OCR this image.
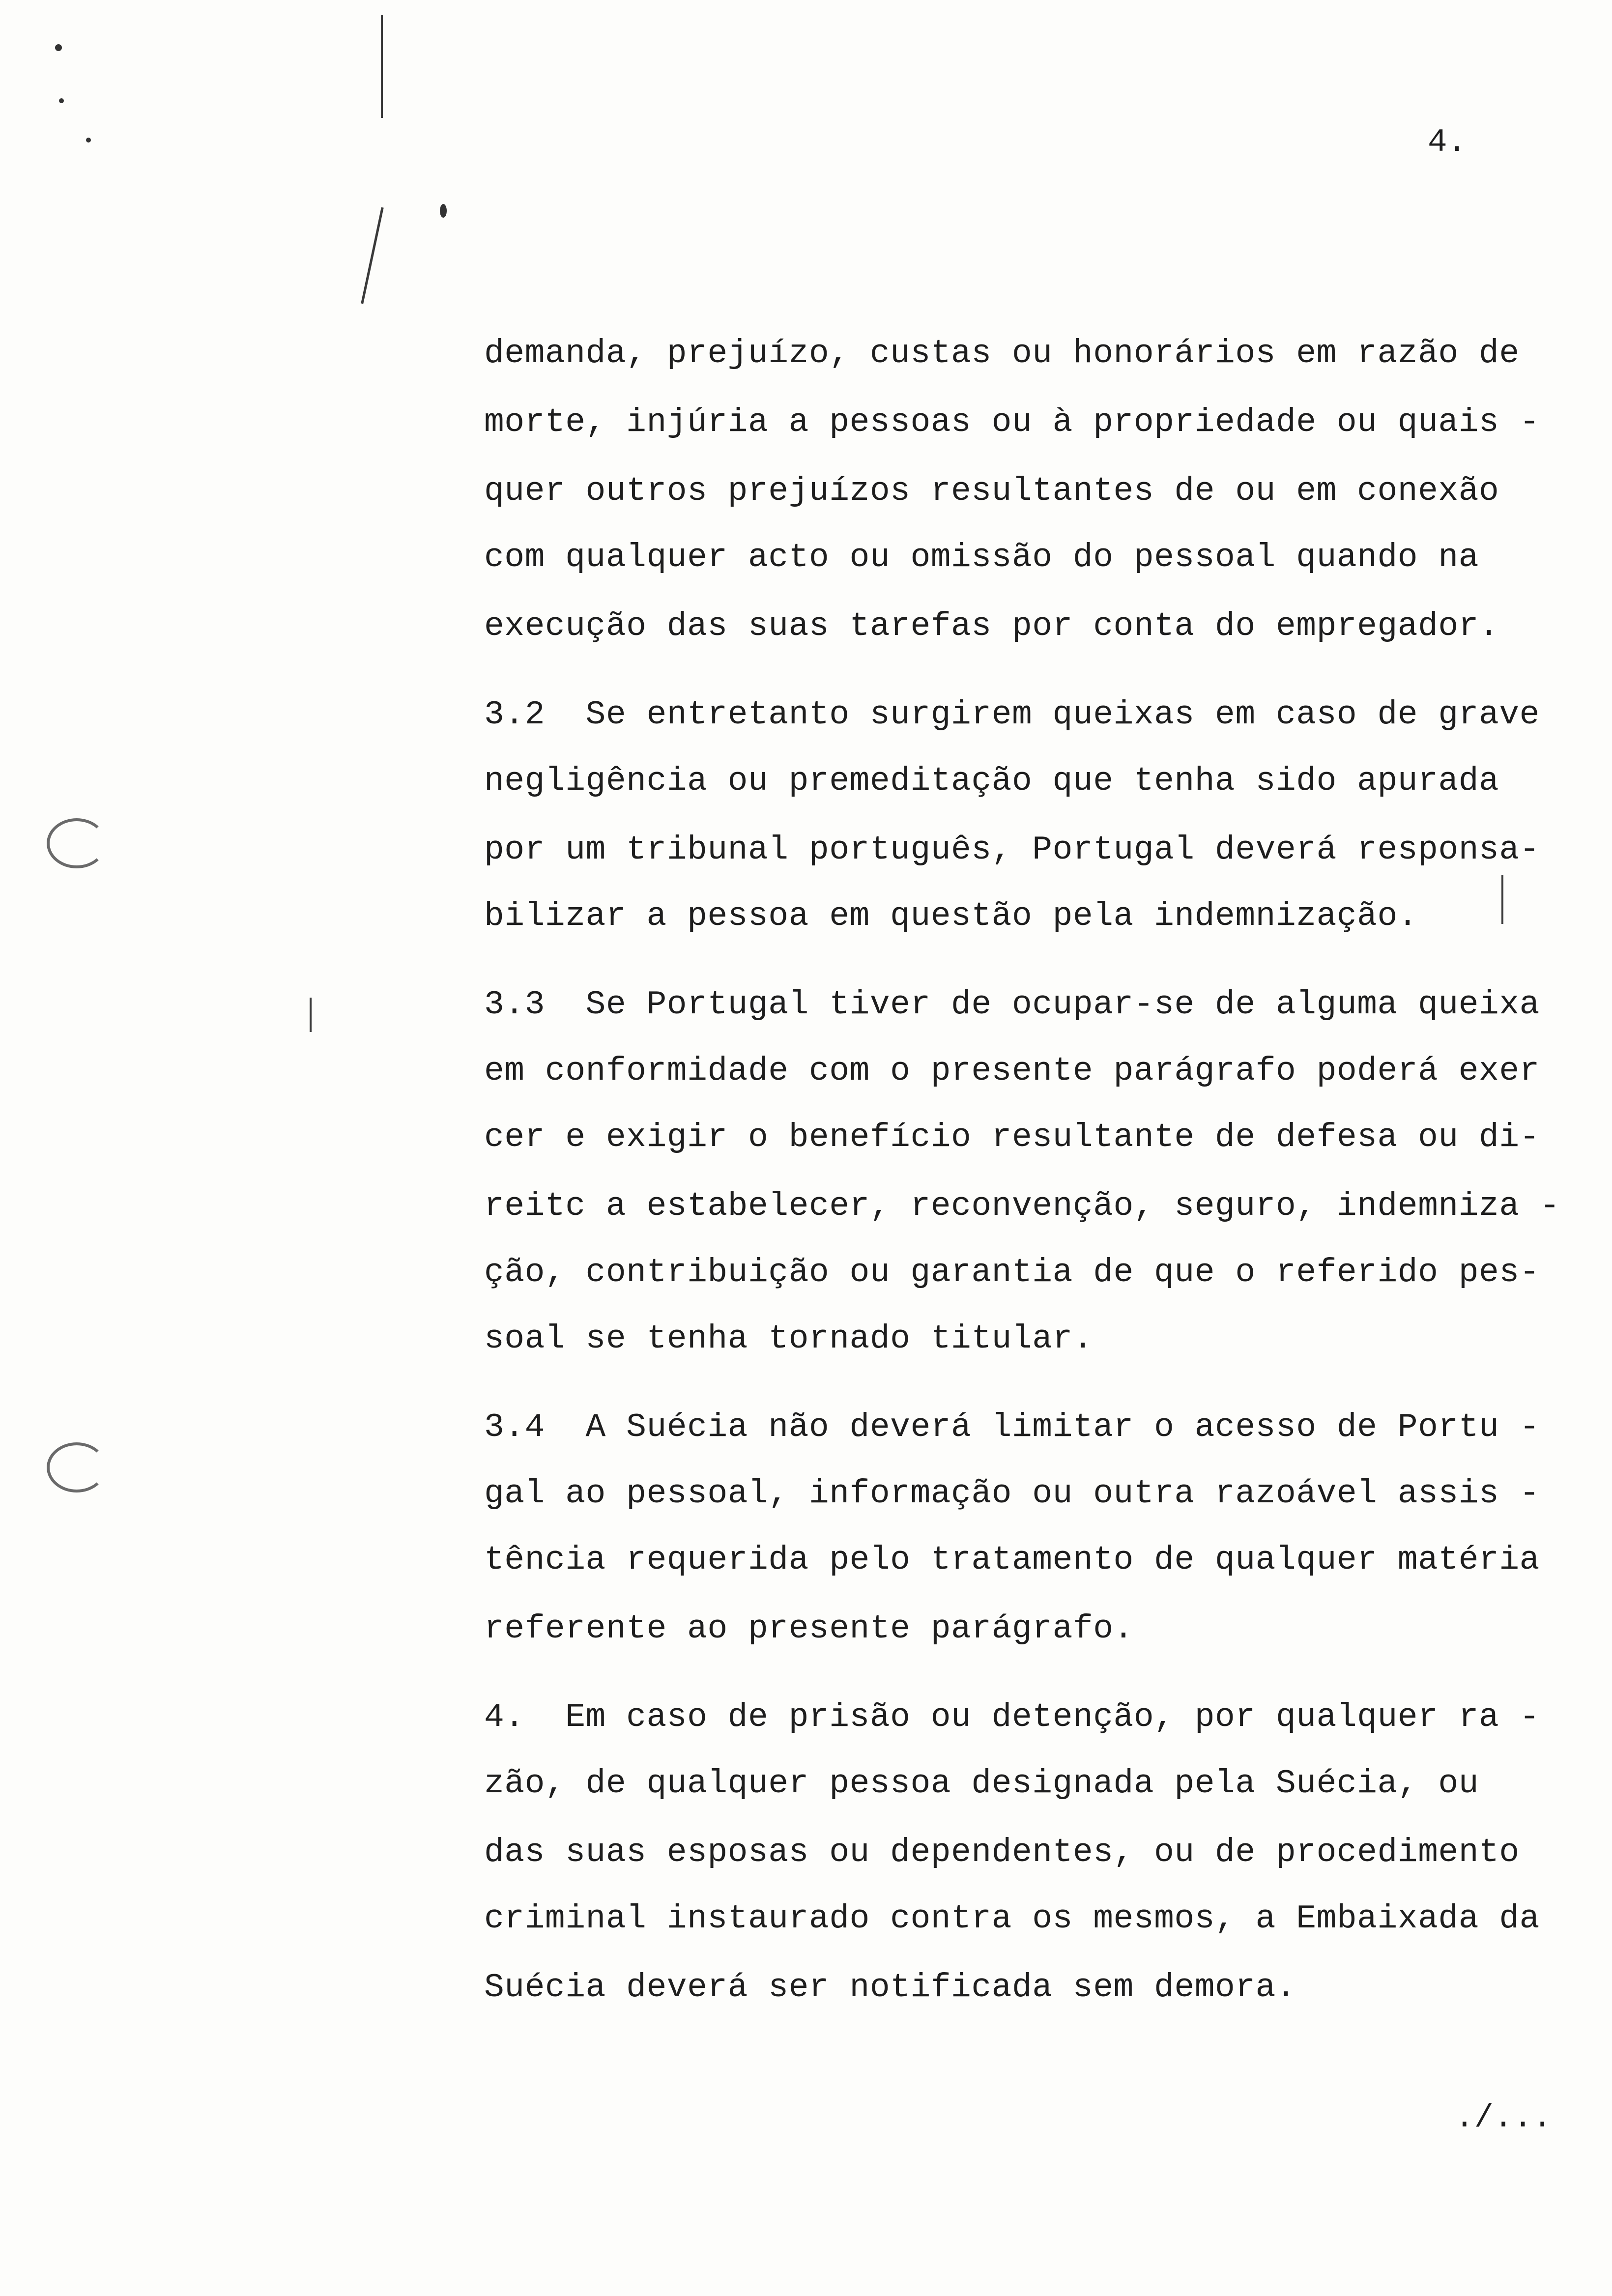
4.
demanda, prejuízo, custas ou honorários em razão de
morte, injúria a pessoas ou à propriedade ou quais -
quer outros prejuízos resultantes de ou em conexão
com qualquer acto ou omissão do pessoal quando na
execução das suas tarefas por conta do empregador.
3.2  Se entretanto surgirem queixas em caso de grave
negligência ou premeditação que tenha sido apurada
por um tribunal português, Portugal deverá responsa-
bilizar a pessoa em questão pela indemnização.
3.3  Se Portugal tiver de ocupar-se de alguma queixa
em conformidade com o presente parágrafo poderá exer
cer e exigir o benefício resultante de defesa ou di-
reitc a estabelecer, reconvenção, seguro, indemniza -
ção, contribuição ou garantia de que o referido pes-
soal se tenha tornado titular.
3.4  A Suécia não deverá limitar o acesso de Portu -
gal ao pessoal, informação ou outra razoável assis -
tência requerida pelo tratamento de qualquer matéria
referente ao presente parágrafo.
4.  Em caso de prisão ou detenção, por qualquer ra -
zão, de qualquer pessoa designada pela Suécia, ou
das suas esposas ou dependentes, ou de procedimento
criminal instaurado contra os mesmos, a Embaixada da
Suécia deverá ser notificada sem demora.
./...
